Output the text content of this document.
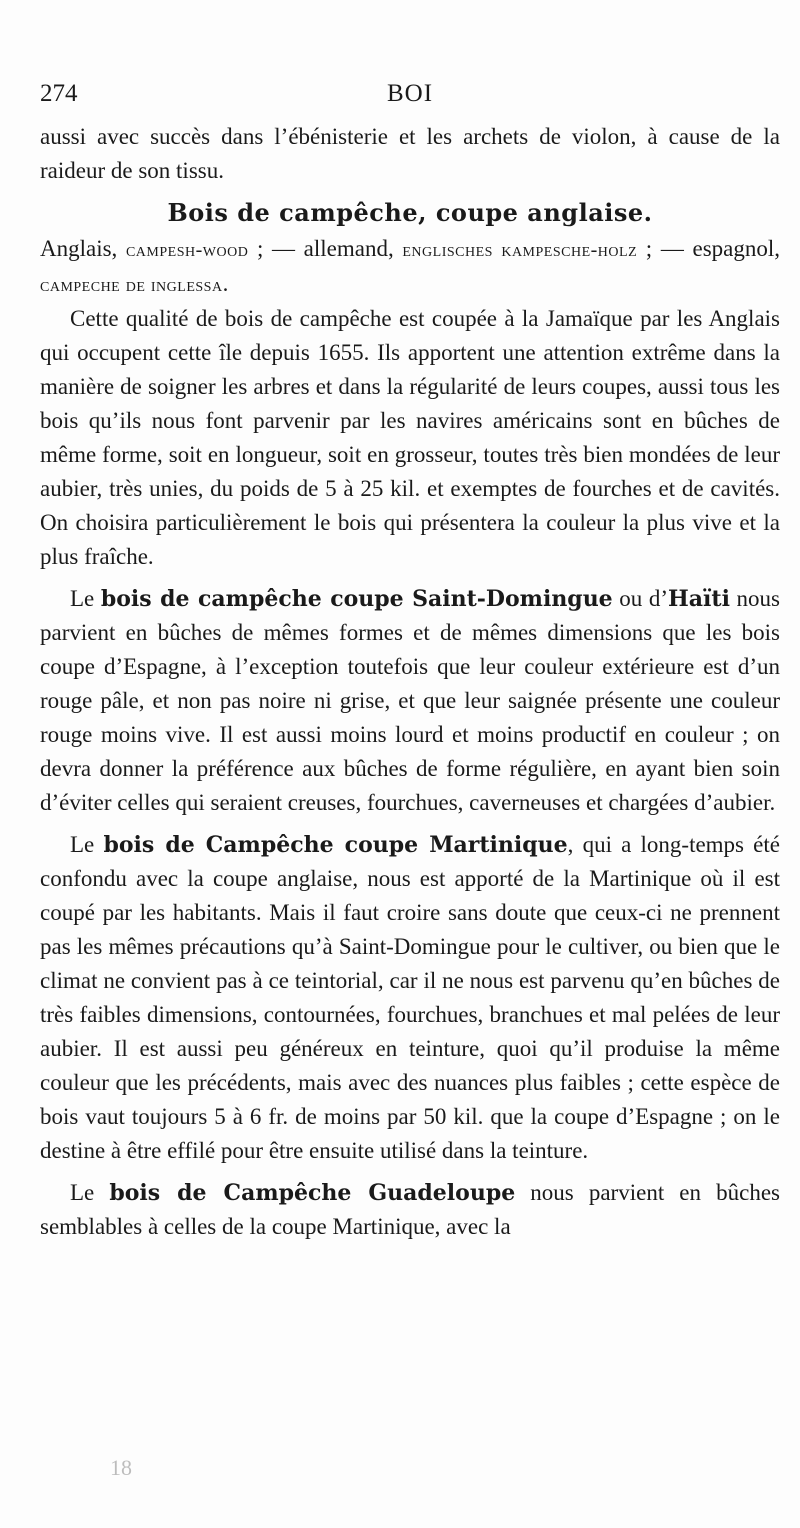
274	BOI

aussi avec succès dans l’ébénisterie et les archets de violon, à cause de la raideur de son tissu.

Bois de campêche, coupe anglaise.

Anglais, campesh-wood ; — allemand, englisches kampesche-holz ; — espagnol, campeche de inglessa.

Cette qualité de bois de campêche est coupée à la Jamaïque par les Anglais qui occupent cette île depuis 1655. Ils apportent une attention extrême dans la manière de soigner les arbres et dans la régularité de leurs coupes, aussi tous les bois qu’ils nous font parvenir par les navires américains sont en bûches de même forme, soit en longueur, soit en grosseur, toutes très bien mondées de leur aubier, très unies, du poids de 5 à 25 kil. et exemptes de fourches et de cavités. On choisira particulièrement le bois qui présentera la couleur la plus vive et la plus fraîche.

Le bois de campêche coupe Saint-Domingue ou d’Haïti nous parvient en bûches de mêmes formes et de mêmes dimensions que les bois coupe d’Espagne, à l’exception toutefois que leur couleur extérieure est d’un rouge pâle, et non pas noire ni grise, et que leur saignée présente une couleur rouge moins vive. Il est aussi moins lourd et moins productif en couleur ; on devra donner la préférence aux bûches de forme régulière, en ayant bien soin d’éviter celles qui seraient creuses, fourchues, caverneuses et chargées d’aubier.

Le bois de Campêche coupe Martinique, qui a long-temps été confondu avec la coupe anglaise, nous est apporté de la Martinique où il est coupé par les habitants. Mais il faut croire sans doute que ceux-ci ne prennent pas les mêmes précautions qu’à Saint-Domingue pour le cultiver, ou bien que le climat ne convient pas à ce teintorial, car il ne nous est parvenu qu’en bûches de très faibles dimensions, contournées, fourchues, branchues et mal pelées de leur aubier. Il est aussi peu généreux en teinture, quoi qu’il produise la même couleur que les précédents, mais avec des nuances plus faibles ; cette espèce de bois vaut toujours 5 à 6 fr. de moins par 50 kil. que la coupe d’Espagne ; on le destine à être effilé pour être ensuite utilisé dans la teinture.

Le bois de Campêche Guadeloupe nous parvient en bûches semblables à celles de la coupe Martinique, avec la

18
